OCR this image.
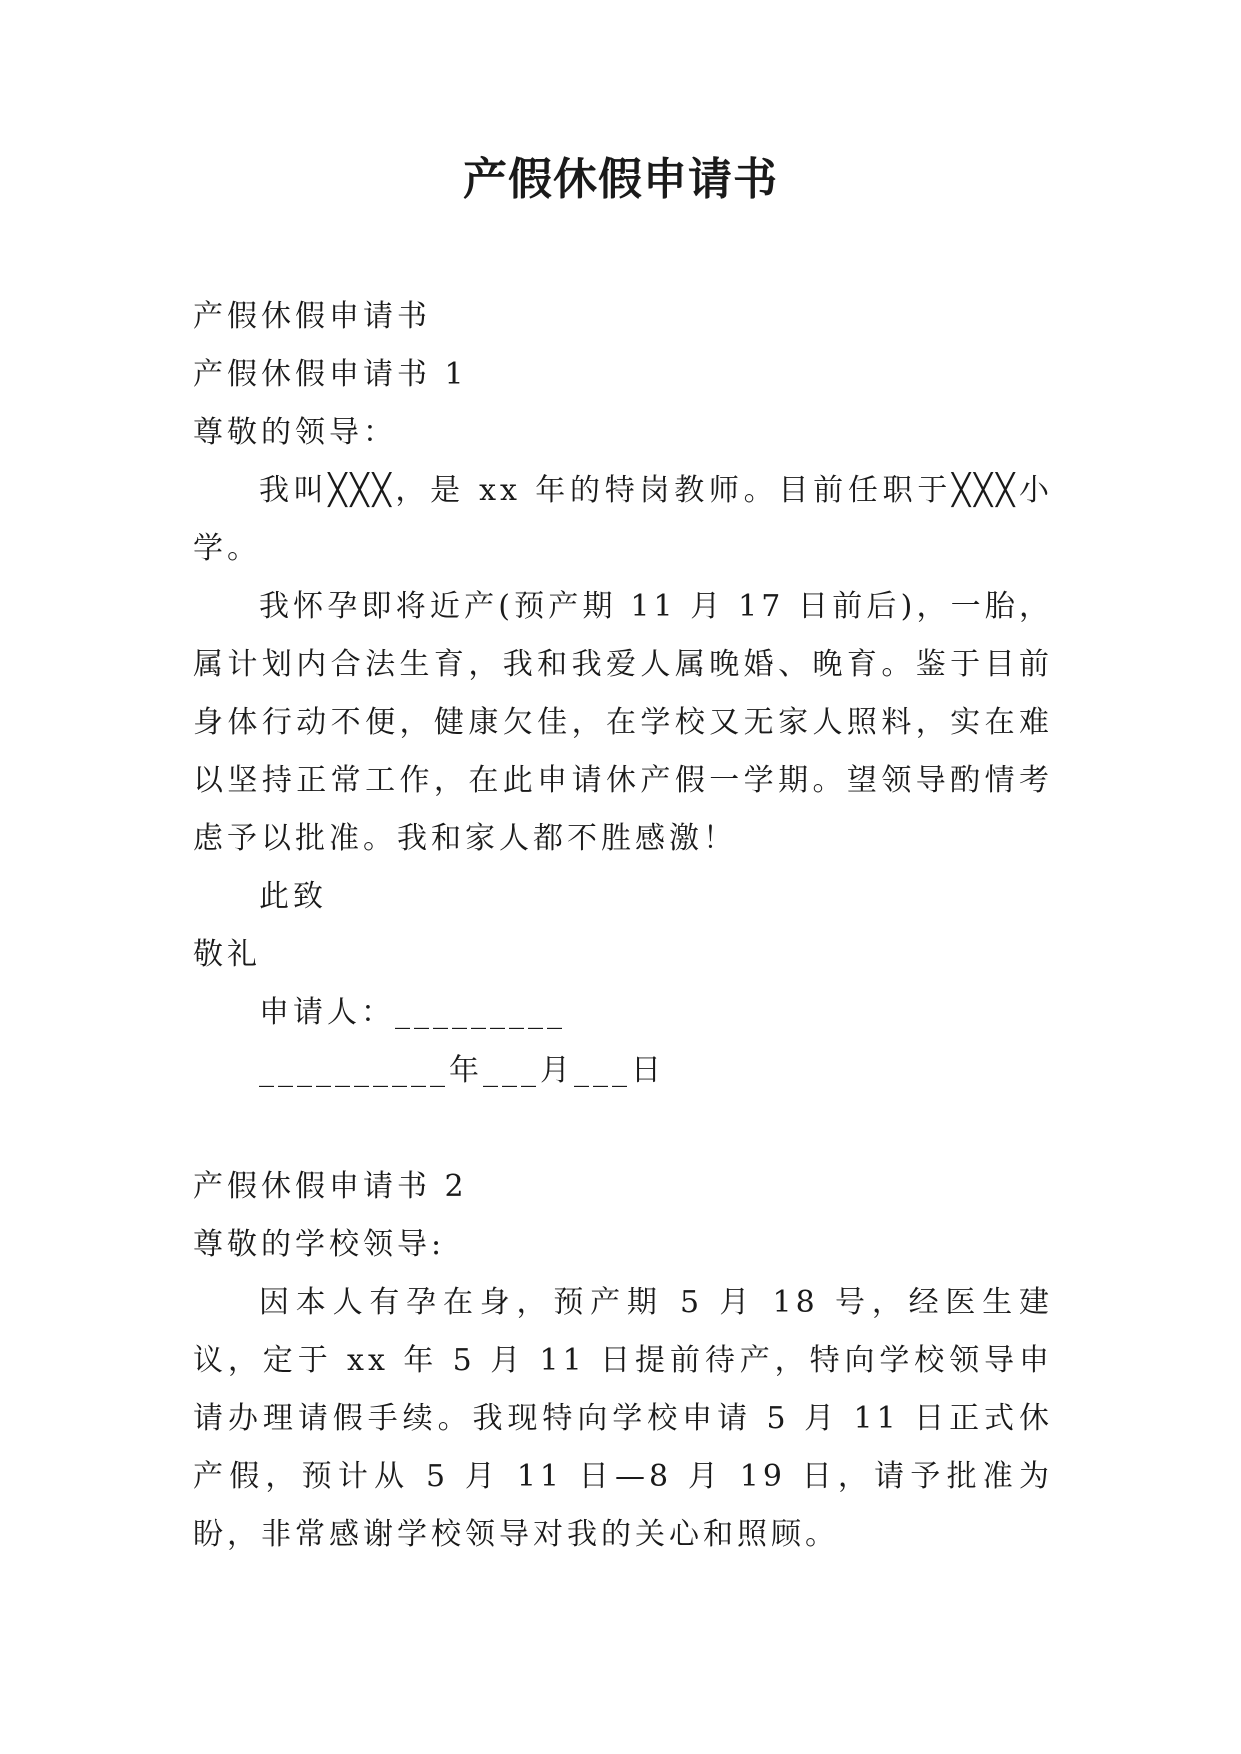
产假休假申请书

产假休假申请书

产假休假申请书 1

尊敬的领导：

我叫╳╳╳，是 xx 年的特岗教师。目前任职于╳╳╳小学。

我怀孕即将近产(预产期 11 月 17 日前后)，一胎，属计划内合法生育，我和我爱人属晚婚、晚育。鉴于目前身体行动不便，健康欠佳，在学校又无家人照料，实在难以坚持正常工作，在此申请休产假一学期。望领导酌情考虑予以批准。我和家人都不胜感激！

此致

敬礼

申请人：_________

__________年___月___日

产假休假申请书 2

尊敬的学校领导:

因本人有孕在身，预产期 5 月 18 号，经医生建议，定于 xx 年 5 月 11 日提前待产，特向学校领导申请办理请假手续。我现特向学校申请 5 月 11 日正式休产假，预计从 5 月 11 日—8 月 19 日，请予批准为盼，非常感谢学校领导对我的关心和照顾。
